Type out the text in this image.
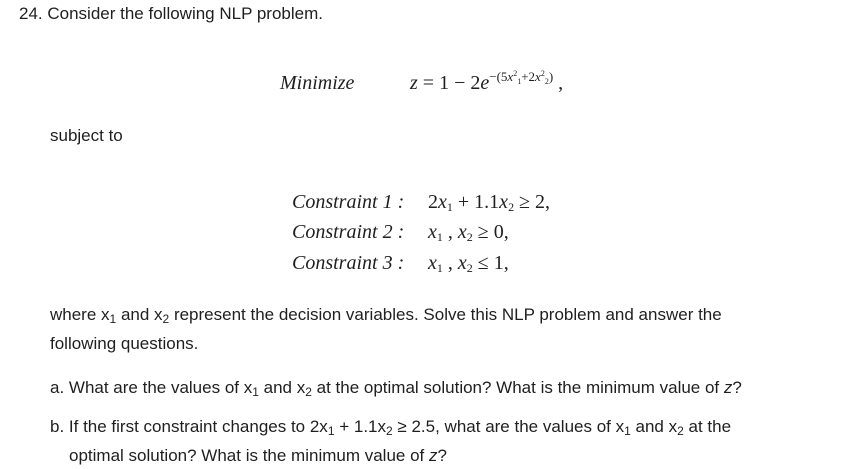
24. Consider the following NLP problem.
Minimize	$z = 1 - 2e^{-(5x^2_1+2x^2_2)}$ ,
subject to
Constraint 1 : $2x_1 + 1.1x_2 \ge 2$,
Constraint 2 : $x_1$ , $x_2 \ge 0$,
Constraint 3 : $x_1$ , $x_2 \le 1$,
where $x_1$ and $x_2$ represent the decision variables. Solve this NLP problem and answer the
following questions.
a. What are the values of $x_1$ and $x_2$ at the optimal solution? What is the minimum value of z?
b. If the first constraint changes to $2x_1 + 1.1x_2 \ge 2.5$, what are the values of $x_1$ and $x_2$ at the
optimal solution? What is the minimum value of z?
